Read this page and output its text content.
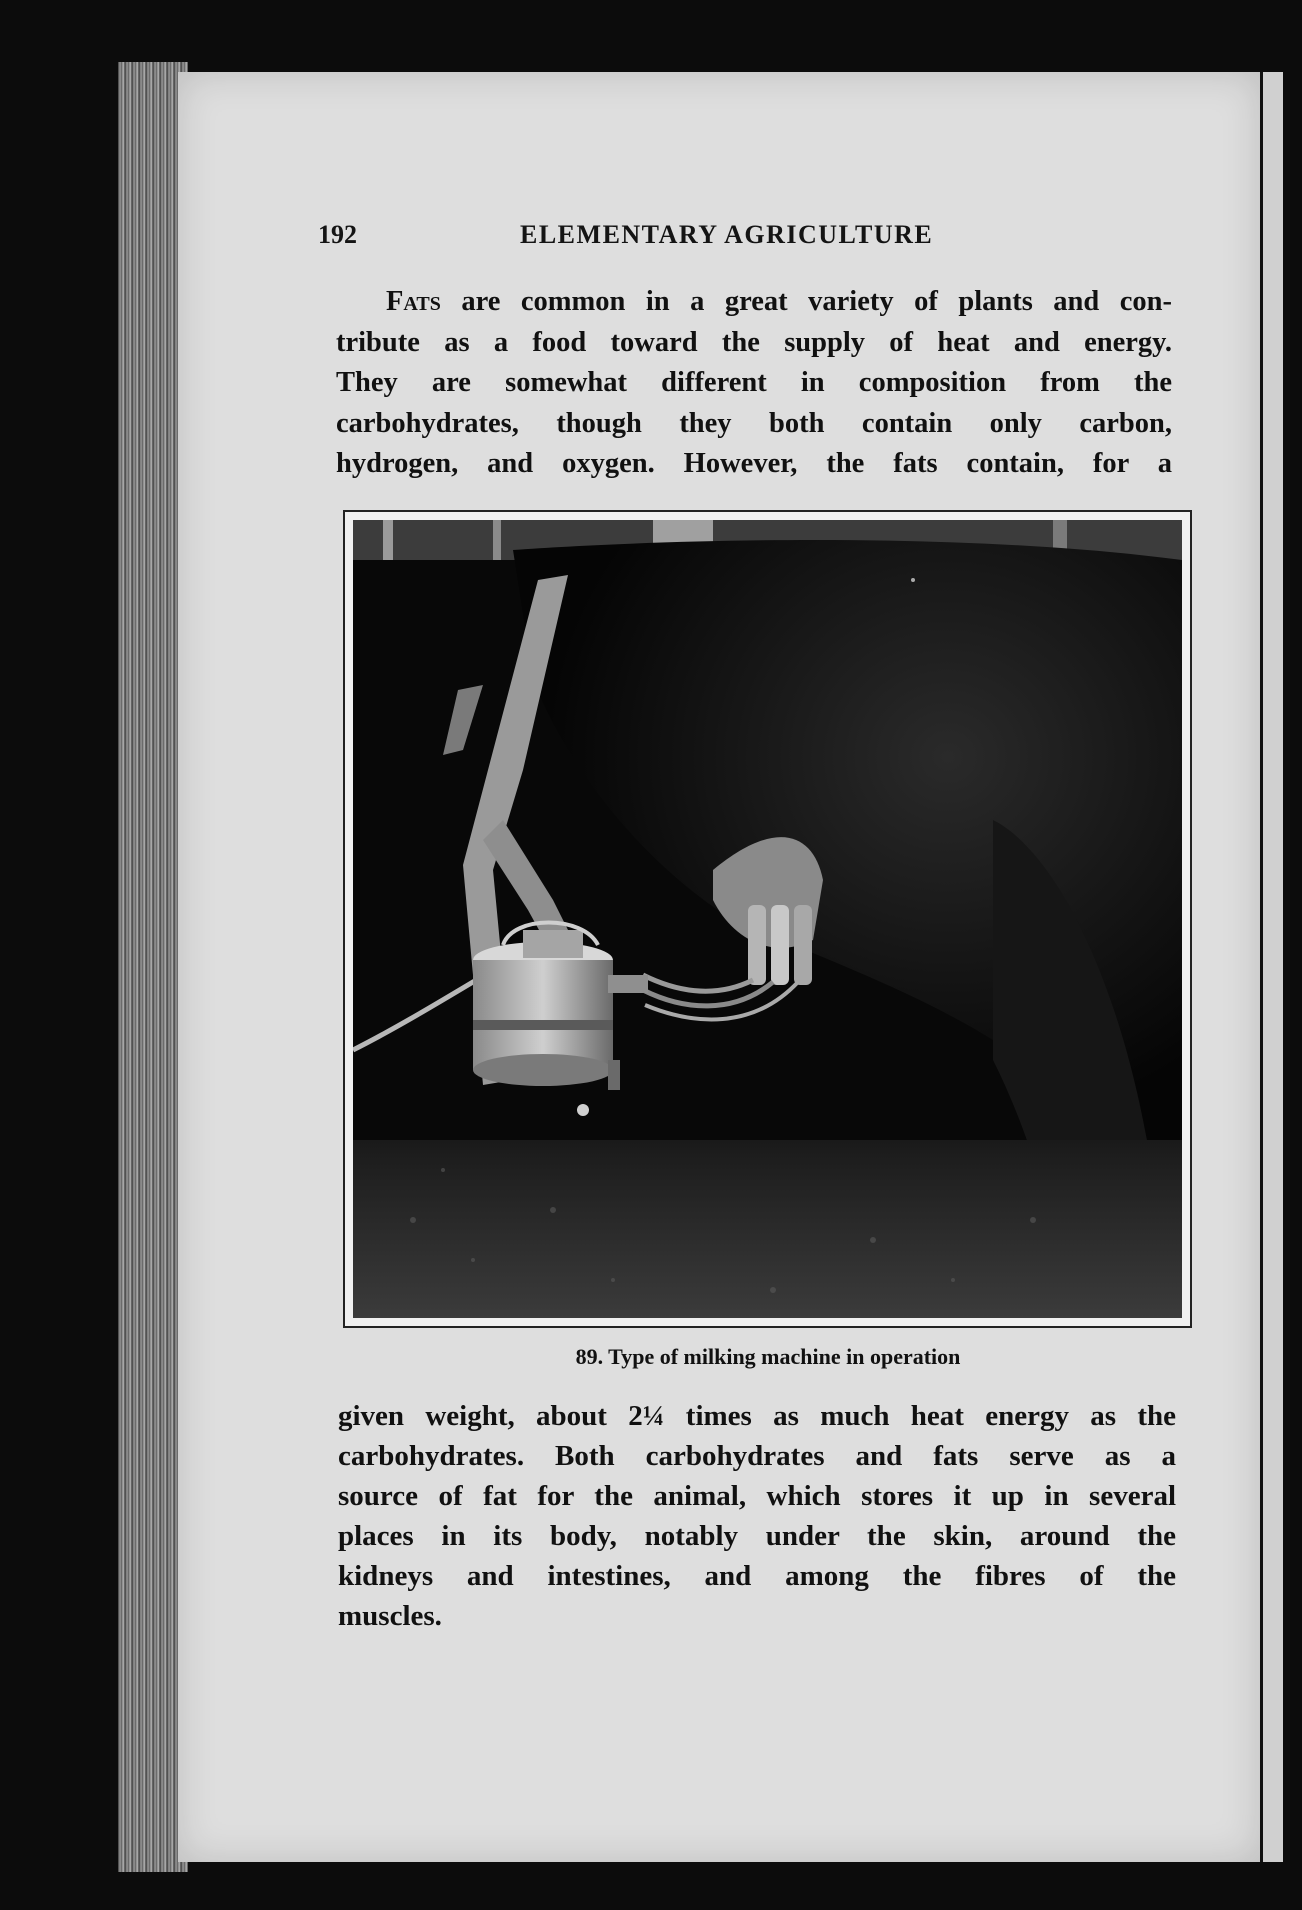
192	ELEMENTARY AGRICULTURE
Fats are common in a great variety of plants and con-
tribute as a food toward the supply of heat and energy.
They are somewhat different in composition from the
carbohydrates, though they both contain only carbon,
hydrogen, and oxygen. However, the fats contain, for a
89. Type of milking machine in operation
given weight, about 2¼ times as much heat energy as the
carbohydrates. Both carbohydrates and fats serve as a
source of fat for the animal, which stores it up in several
places in its body, notably under the skin, around the
kidneys and intestines, and among the fibres of the
muscles.
